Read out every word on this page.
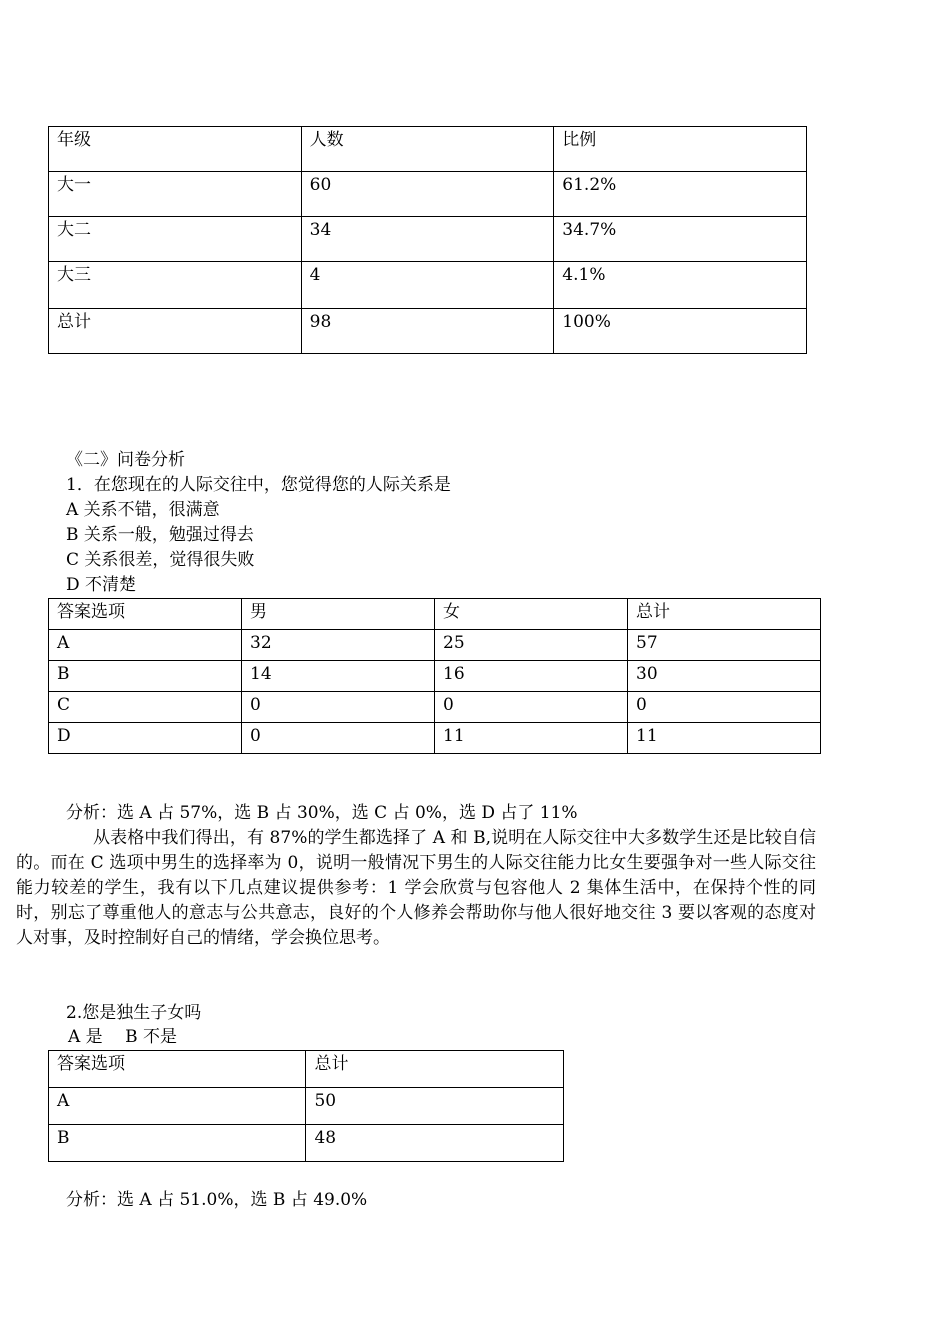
年级	人数	比例
大一	60	61.2%
大二	34	34.7%
大三	4	4.1%
总计	98	100%
《二》问卷分析
1．在您现在的人际交往中，您觉得您的人际关系是
A 关系不错，很满意
B 关系一般，勉强过得去
C 关系很差，觉得很失败
D 不清楚
答案选项	男	女	总计
A	32	25	57
B	14	16	30
C	0	0	0
D	0	11	11
分析：选 A 占 57%，选 B 占 30%，选 C 占 0%，选 D 占了 11%
从表格中我们得出，有 87%的学生都选择了 A 和 B,说明在人际交往中大多数学生还是比较自信的。而在 C 选项中男生的选择率为 0，说明一般情况下男生的人际交往能力比女生要强争对一些人际交往能力较差的学生，我有以下几点建议提供参考：1 学会欣赏与包容他人 2 集体生活中，在保持个性的同时，别忘了尊重他人的意志与公共意志，良好的个人修养会帮助你与他人很好地交往 3 要以客观的态度对人对事，及时控制好自己的情绪，学会换位思考。
2.您是独生子女吗
A 是　 B 不是
答案选项	总计
A	50
B	48
分析：选 A 占 51.0%，选 B 占 49.0%
